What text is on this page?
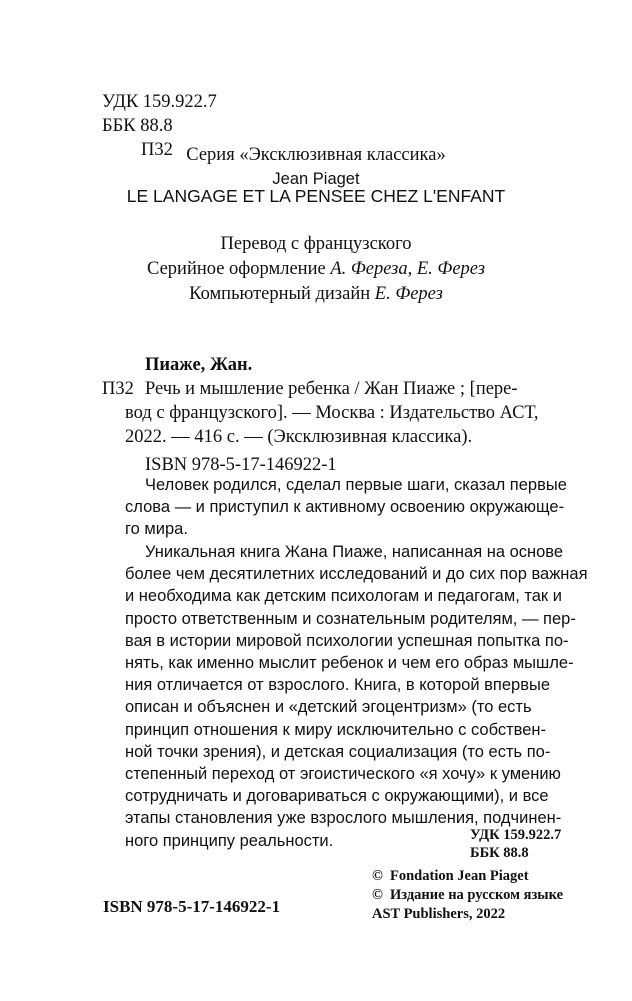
УДК 159.922.7
ББК 88.8
П32 Серия «Эксклюзивная классика»

Jean Piaget

LE LANGAGE ET LA PENSEE CHEZ L'ENFANT

Перевод с французского

Серийное оформление А. Фереза, Е. Ферез

Компьютерный дизайн Е. Ферез

Пиаже, Жан.

П32 Речь и мышление ребенка / Жан Пиаже ; [пере-

вод с французского]. — Москва : Издательство АСТ,

2022. — 416 с. — (Эксклюзивная классика).

ISBN 978-5-17-146922-1

Человек родился, сделал первые шаги, сказал первые
слова — и приступил к активному освоению окружающе-
го мира.
Уникальная книга Жана Пиаже, написанная на основе
более чем десятилетних исследований и до сих пор важная
и необходима как детским психологам и педагогам, так и
просто ответственным и сознательным родителям, — пер-
вая в истории мировой психологии успешная попытка по-
нять, как именно мыслит ребенок и чем его образ мышле-
ния отличается от взрослого. Книга, в которой впервые
описан и объяснен и «детский эгоцентризм» (то есть
принцип отношения к миру исключительно с собствен-
ной точки зрения), и детская социализация (то есть по-
степенный переход от эгоистического «я хочу» к умению
сотрудничать и договариваться с окружающими), и все
этапы становления уже взрослого мышления, подчинен-
ного принципу реальности.	УДК 159.922.7
ББК 88.8

ISBN 978-5-17-146922-1

© Fondation Jean Piaget
© Издание на русском языке
AST Publishers, 2022
